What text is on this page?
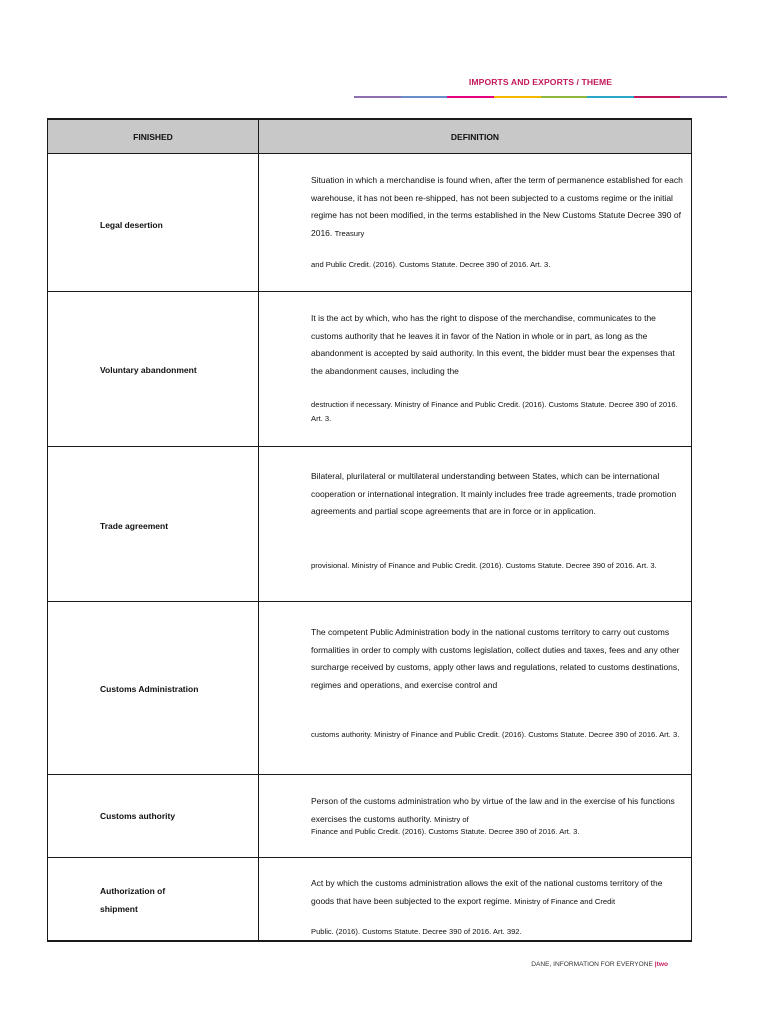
IMPORTS AND EXPORTS / THEME
FINISHED	DEFINITION
Legal desertion
Situation in which a merchandise is found when, after the term of permanence established for each warehouse, it has not been re-shipped, has not been subjected to a customs regime or the initial regime has not been modified, in the terms established in the New Customs Statute Decree 390 of 2016. Treasury
and Public Credit. (2016). Customs Statute. Decree 390 of 2016. Art. 3.
Voluntary abandonment
It is the act by which, who has the right to dispose of the merchandise, communicates to the customs authority that he leaves it in favor of the Nation in whole or in part, as long as the abandonment is accepted by said authority. In this event, the bidder must bear the expenses that the abandonment causes, including the
destruction if necessary. Ministry of Finance and Public Credit. (2016). Customs Statute. Decree 390 of 2016. Art. 3.
Trade agreement
Bilateral, plurilateral or multilateral understanding between States, which can be international cooperation or international integration. It mainly includes free trade agreements, trade promotion agreements and partial scope agreements that are in force or in application.
provisional. Ministry of Finance and Public Credit. (2016). Customs Statute. Decree 390 of 2016. Art. 3.
Customs Administration
The competent Public Administration body in the national customs territory to carry out customs formalities in order to comply with customs legislation, collect duties and taxes, fees and any other surcharge received by customs, apply other laws and regulations, related to customs destinations, regimes and operations, and exercise control and
customs authority. Ministry of Finance and Public Credit. (2016). Customs Statute. Decree 390 of 2016. Art. 3.
Customs authority
Person of the customs administration who by virtue of the law and in the exercise of his functions exercises the customs authority. Ministry of
Finance and Public Credit. (2016). Customs Statute. Decree 390 of 2016. Art. 3.
Authorization of shipment
Act by which the customs administration allows the exit of the national customs territory of the goods that have been subjected to the export regime. Ministry of Finance and Credit
Public. (2016). Customs Statute. Decree 390 of 2016. Art. 392.
DANE, INFORMATION FOR EVERYONE |two
